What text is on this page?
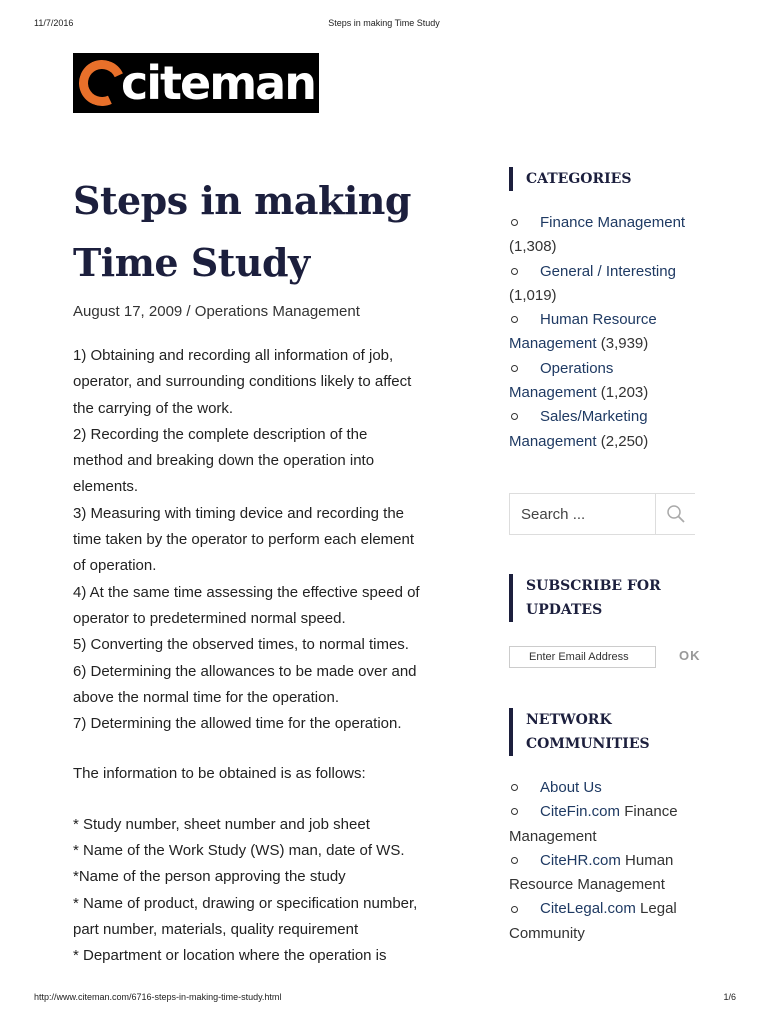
11/7/2016	Steps in making Time Study
citeman
Steps in making
Time Study
August 17, 2009 / Operations Management
1) Obtaining and recording all information of job,
operator, and surrounding conditions likely to affect
the carrying of the work.
2) Recording the complete description of the
method and breaking down the operation into
elements.
3) Measuring with timing device and recording the
time taken by the operator to perform each element
of operation.
4) At the same time assessing the effective speed of
operator to predetermined normal speed.
5) Converting the observed times, to normal times.
6) Determining the allowances to be made over and
above the normal time for the operation.
7) Determining the allowed time for the operation.
The information to be obtained is as follows:
* Study number, sheet number and job sheet
* Name of the Work Study (WS) man, date of WS.
*Name of the person approving the study
* Name of product, drawing or specification number,
part number, materials, quality requirement
* Department or location where the operation is
CATEGORIES
Finance Management
(1,308)
General / Interesting
(1,019)
Human Resource
Management (3,939)
Operations
Management (1,203)
Sales/Marketing
Management (2,250)
Search ...
SUBSCRIBE FOR
UPDATES
Enter Email Address
OK
NETWORK
COMMUNITIES
About Us
CiteFin.com Finance
Management
CiteHR.com Human
Resource Management
CiteLegal.com Legal
Community
http://www.citeman.com/6716-steps-in-making-time-study.html	1/6
